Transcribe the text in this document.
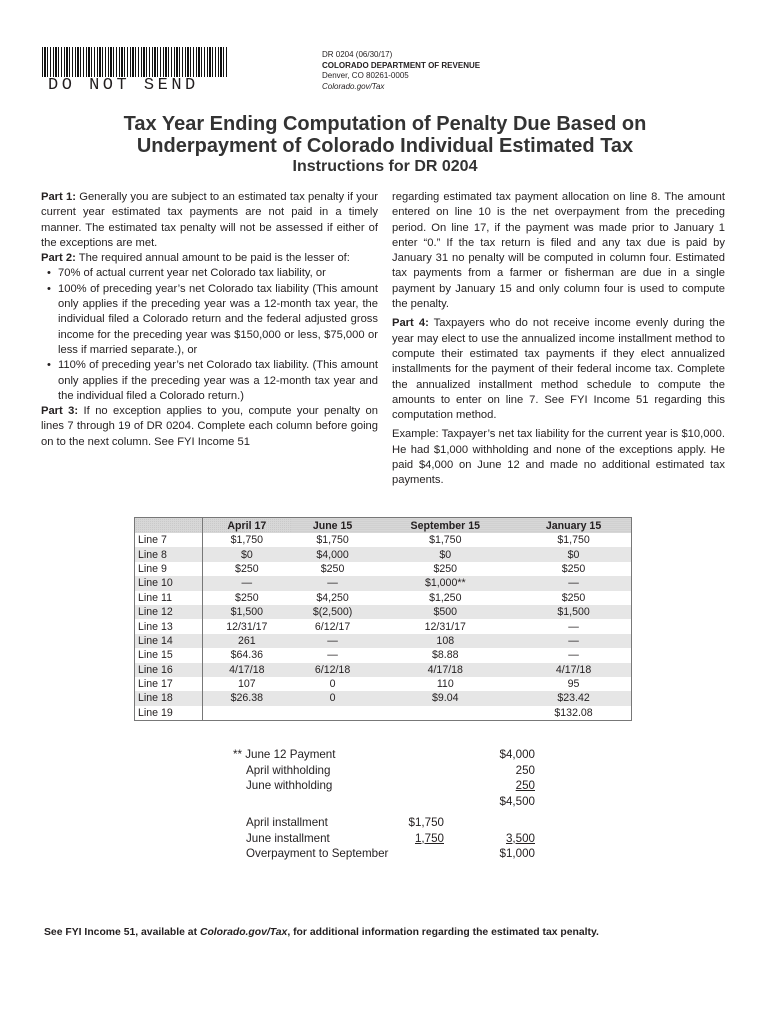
DO NOT SEND
DR 0204 (06/30/17)
COLORADO DEPARTMENT OF REVENUE
Denver, CO 80261-0005
Colorado.gov/Tax
Tax Year Ending Computation of Penalty Due Based on
Underpayment of Colorado Individual Estimated Tax
Instructions for DR 0204

Part 1: Generally you are subject to an estimated tax penalty if your current year estimated tax payments are not paid in a timely manner. The estimated tax penalty will not be assessed if either of the exceptions are met.

Part 2: The required annual amount to be paid is the lesser of:

• 70% of actual current year net Colorado tax liability, or
• 100% of preceding year’s net Colorado tax liability (This amount only applies if the preceding year was a 12-month tax year, the individual filed a Colorado return and the federal adjusted gross income for the preceding year was $150,000 or less, $75,000 or less if married separate.), or
• 110% of preceding year’s net Colorado tax liability. (This amount only applies if the preceding year was a 12-month tax year and the individual filed a Colorado return.)

Part 3: If no exception applies to you, compute your penalty on lines 7 through 19 of DR 0204. Complete each column before going on to the next column. See FYI Income 51

regarding estimated tax payment allocation on line 8. The amount entered on line 10 is the net overpayment from the preceding period. On line 17, if the payment was made prior to January 1 enter “0.” If the tax return is filed and any tax due is paid by January 31 no penalty will be computed in column four. Estimated tax payments from a farmer or fisherman are due in a single payment by January 15 and only column four is used to compute the penalty.

Part 4: Taxpayers who do not receive income evenly during the year may elect to use the annualized income installment method to compute their estimated tax payments if they elect annualized installments for the payment of their federal income tax. Complete the annualized installment method schedule to compute the amounts to enter on line 7. See FYI Income 51 regarding this computation method.

Example: Taxpayer’s net tax liability for the current year is $10,000. He had $1,000 withholding and none of the exceptions apply. He paid $4,000 on June 12 and made no additional estimated tax payments.

	April 17	June 15	September 15	January 15
Line 7	$1,750	$1,750	$1,750	$1,750
Line 8	$0	$4,000	$0	$0
Line 9	$250	$250	$250	$250
Line 10	—	—	$1,000**	—
Line 11	$250	$4,250	$1,250	$250
Line 12	$1,500	$(2,500)	$500	$1,500
Line 13	12/31/17	6/12/17	12/31/17	—
Line 14	261	—	108	—
Line 15	$64.36	—	$8.88	—
Line 16	4/17/18	6/12/18	4/17/18	4/17/18
Line 17	107	0	110	95
Line 18	$26.38	0	$9.04	$23.42
Line 19				$132.08
** June 12 Payment	$4,000
April withholding	250
June withholding	250
$4,500
April installment	$1,750
June installment	1,750	3,500
Overpayment to September	$1,000
See FYI Income 51, available at Colorado.gov/Tax, for additional information regarding the estimated tax penalty.
